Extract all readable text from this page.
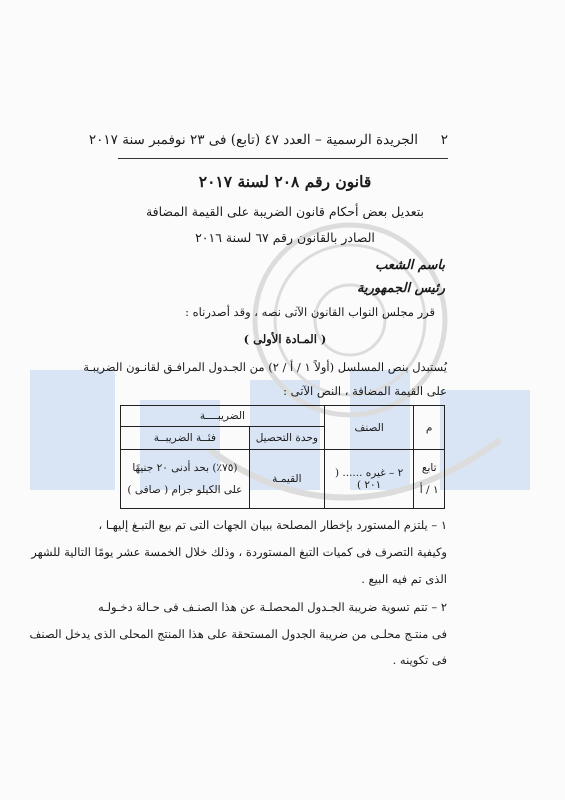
٢
الجريدة الرسمية – العدد ٤٧ (تابع) فى ٢٣ نوفمبر سنة ٢٠١٧
قانون رقم ٢٠٨ لسنة ٢٠١٧
بتعديل بعض أحكام قانون الضريبة على القيمة المضافة
الصادر بالقانون رقم ٦٧ لسنة ٢٠١٦
باسم الشعب
رئيس الجمهورية
قرر مجلس النواب القانون الآتى نصه ، وقد أصدرناه :
( المـادة الأولى )
يُستبدل بنص المسلسل (أولاً ١ / أ / ٢) من الجـدول المرافـق لقانـون الضريبـة
على القيمة المضافة ، النص الآتى :
م	الصنف	الضريبــــة	
		وحدة التحصيل	فئــة الضريبــة

تابع
١ / أ	٢ – غيره ...... ( ٢٠١ )	القيمـة	(٧٥٪) بحد أدنى ٢٠ جنيهًا
على الكيلو جرام ( صافى )
١ – يلتزم المستورد بإخطار المصلحة ببيان الجهات التى تم بيع التبـغ إليهـا ،
وكيفية التصرف فى كميات التبغ المستوردة ، وذلك خلال الخمسة عشر يومًا التالية للشهر
الذى تم فيه البيع .
٢ – تتم تسوية ضريبة الجـدول المحصلـة عن هذا الصنـف فى حـالة دخـولـه
فى منتـج محلـى من ضريبة الجدول المستحقة على هذا المنتج المحلى الذى يدخل الصنف
فى تكوينه .
